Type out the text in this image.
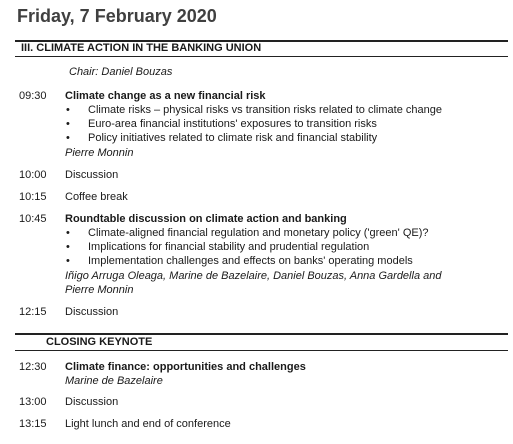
Friday, 7 February 2020
III. CLIMATE ACTION IN THE BANKING UNION
Chair: Daniel Bouzas
09:30 Climate change as a new financial risk
• Climate risks – physical risks vs transition risks related to climate change
• Euro-area financial institutions' exposures to transition risks
• Policy initiatives related to climate risk and financial stability
Pierre Monnin
10:00 Discussion
10:15 Coffee break
10:45 Roundtable discussion on climate action and banking
• Climate-aligned financial regulation and monetary policy ('green' QE)?
• Implications for financial stability and prudential regulation
• Implementation challenges and effects on banks' operating models
Iñigo Arruga Oleaga, Marine de Bazelaire, Daniel Bouzas, Anna Gardella and
Pierre Monnin
12:15 Discussion
CLOSING KEYNOTE
12:30 Climate finance: opportunities and challenges
Marine de Bazelaire
13:00 Discussion
13:15 Light lunch and end of conference
